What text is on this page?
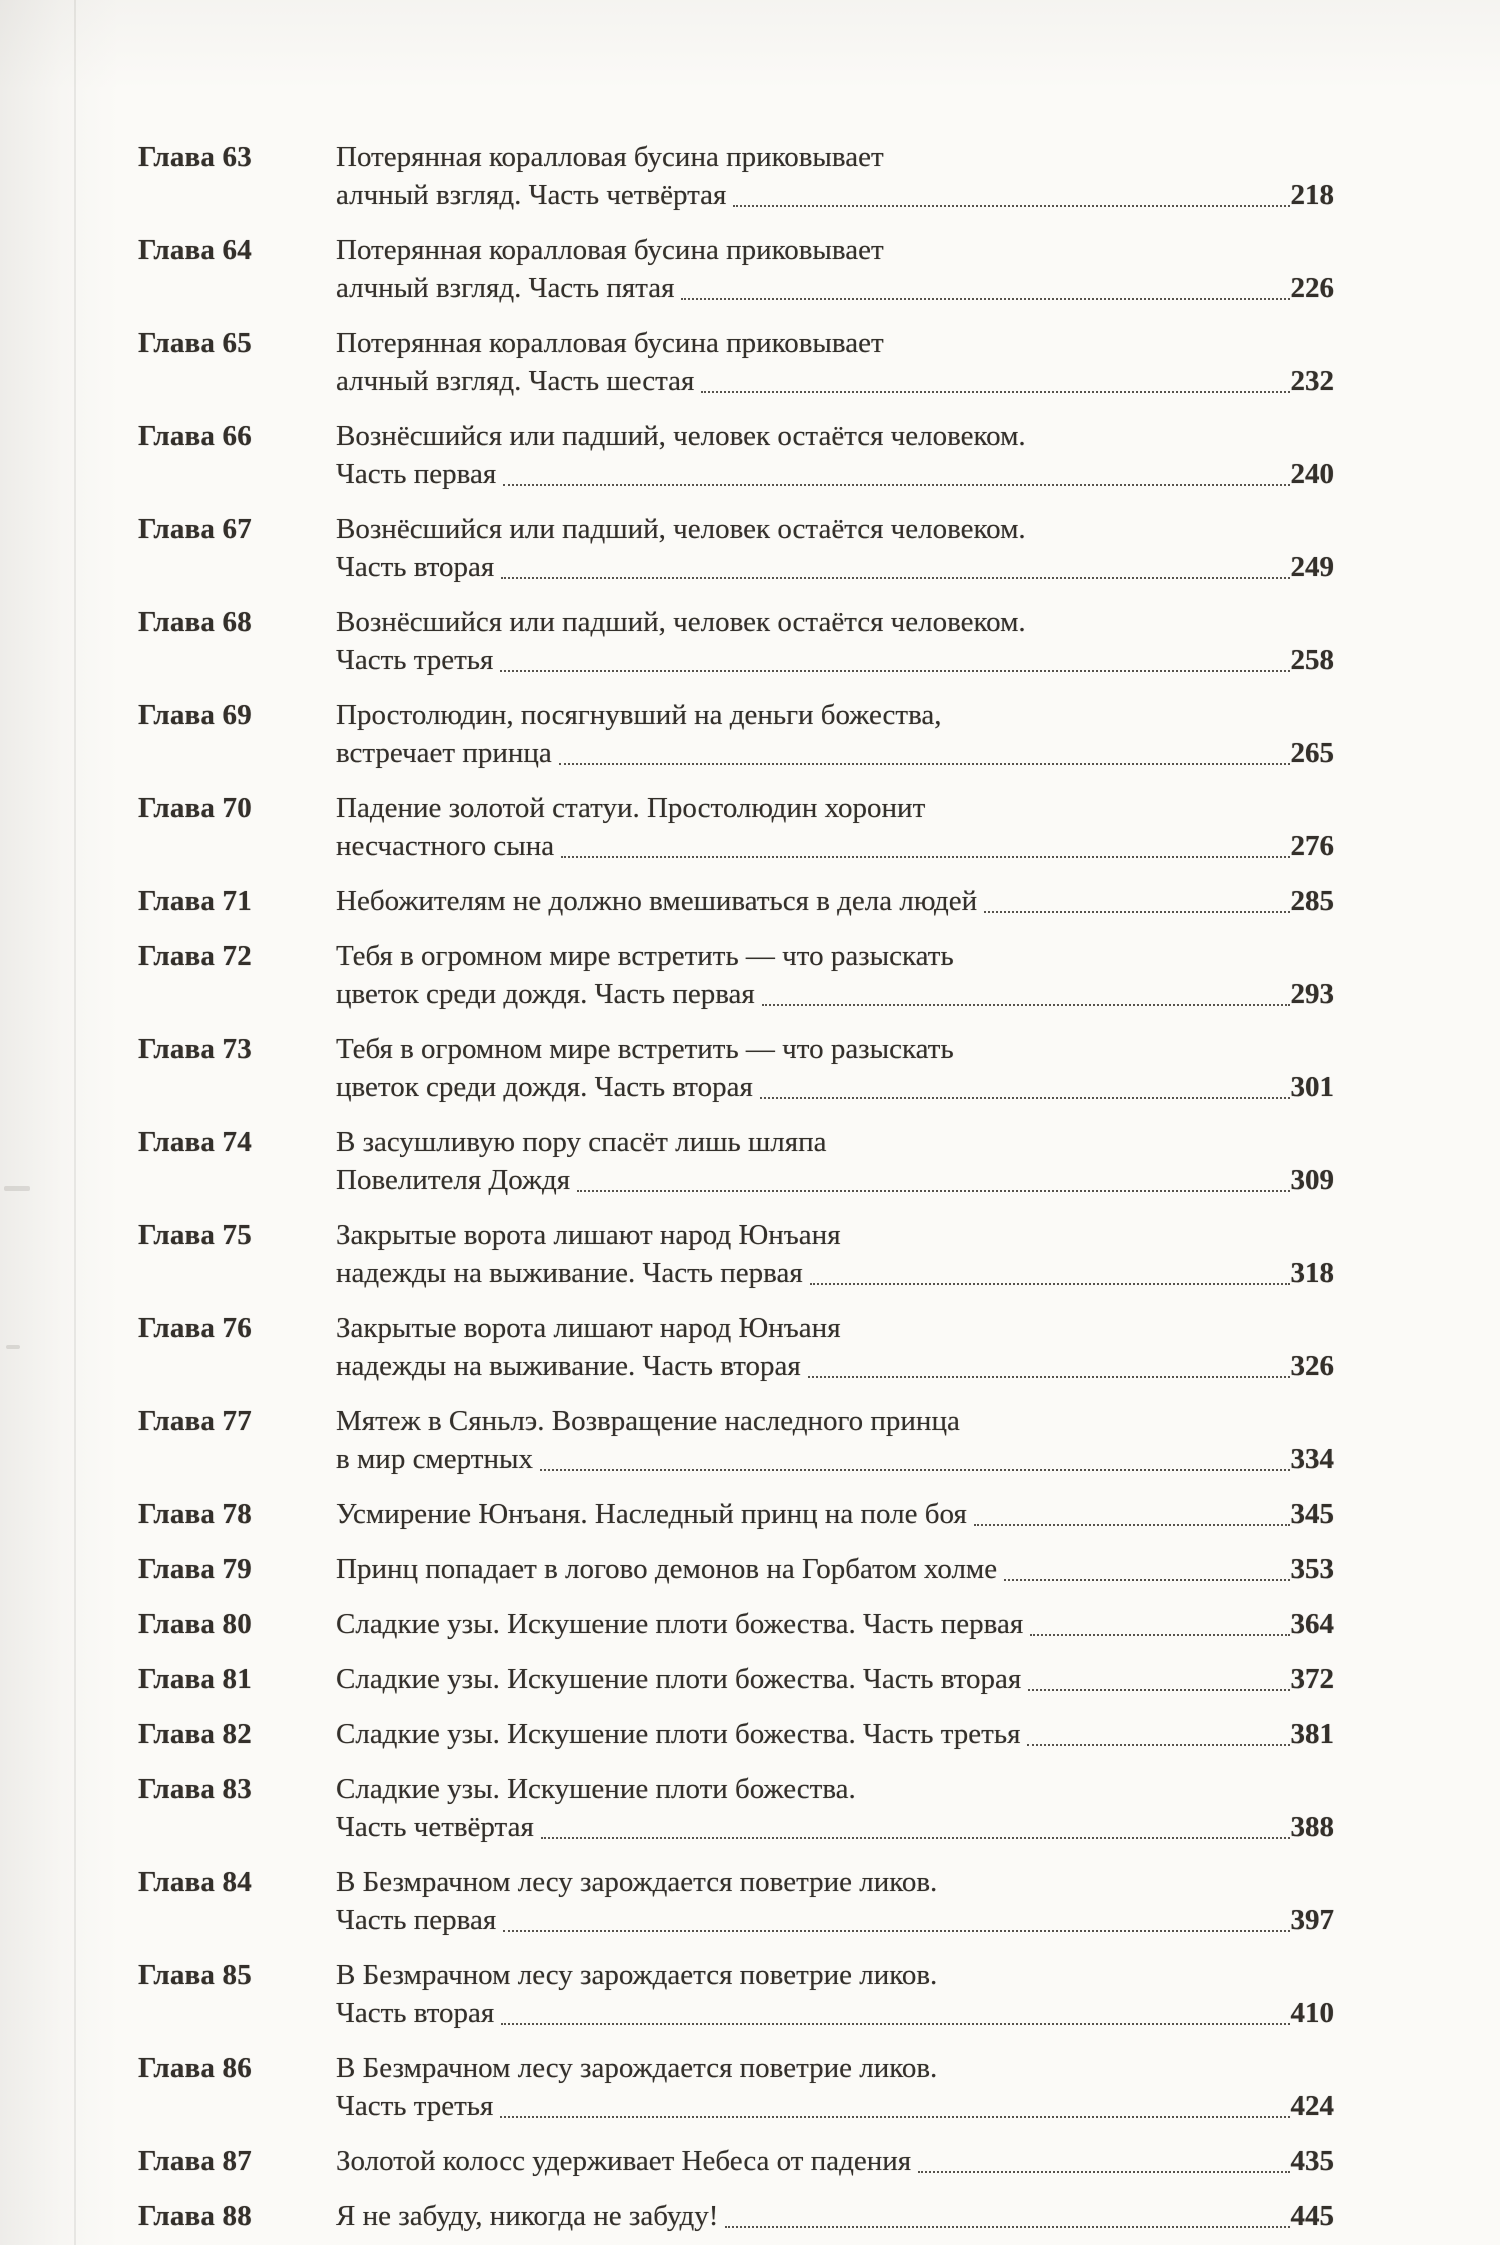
Глава 63	Потерянная коралловая бусина приковывает
алчный взгляд. Часть четвёртая	218
Глава 64	Потерянная коралловая бусина приковывает
алчный взгляд. Часть пятая	226
Глава 65	Потерянная коралловая бусина приковывает
алчный взгляд. Часть шестая	232
Глава 66	Вознёсшийся или падший, человек остаётся человеком.
Часть первая	240
Глава 67	Вознёсшийся или падший, человек остаётся человеком.
Часть вторая	249
Глава 68	Вознёсшийся или падший, человек остаётся человеком.
Часть третья	258
Глава 69	Простолюдин, посягнувший на деньги божества,
встречает принца	265
Глава 70	Падение золотой статуи. Простолюдин хоронит
несчастного сына	276
Глава 71	Небожителям не должно вмешиваться в дела людей	285
Глава 72	Тебя в огромном мире встретить — что разыскать
цветок среди дождя. Часть первая	293
Глава 73	Тебя в огромном мире встретить — что разыскать
цветок среди дождя. Часть вторая	301
Глава 74	В засушливую пору спасёт лишь шляпа
Повелителя Дождя	309
Глава 75	Закрытые ворота лишают народ Юнъаня
надежды на выживание. Часть первая	318
Глава 76	Закрытые ворота лишают народ Юнъаня
надежды на выживание. Часть вторая	326
Глава 77	Мятеж в Сяньлэ. Возвращение наследного принца
в мир смертных	334
Глава 78	Усмирение Юнъаня. Наследный принц на поле боя	345
Глава 79	Принц попадает в логово демонов на Горбатом холме	353
Глава 80	Сладкие узы. Искушение плоти божества. Часть первая	364
Глава 81	Сладкие узы. Искушение плоти божества. Часть вторая	372
Глава 82	Сладкие узы. Искушение плоти божества. Часть третья	381
Глава 83	Сладкие узы. Искушение плоти божества.
Часть четвёртая	388
Глава 84	В Безмрачном лесу зарождается поветрие ликов.
Часть первая	397
Глава 85	В Безмрачном лесу зарождается поветрие ликов.
Часть вторая	410
Глава 86	В Безмрачном лесу зарождается поветрие ликов.
Часть третья	424
Глава 87	Золотой колосс удерживает Небеса от падения	435
Глава 88	Я не забуду, никогда не забуду!	445
